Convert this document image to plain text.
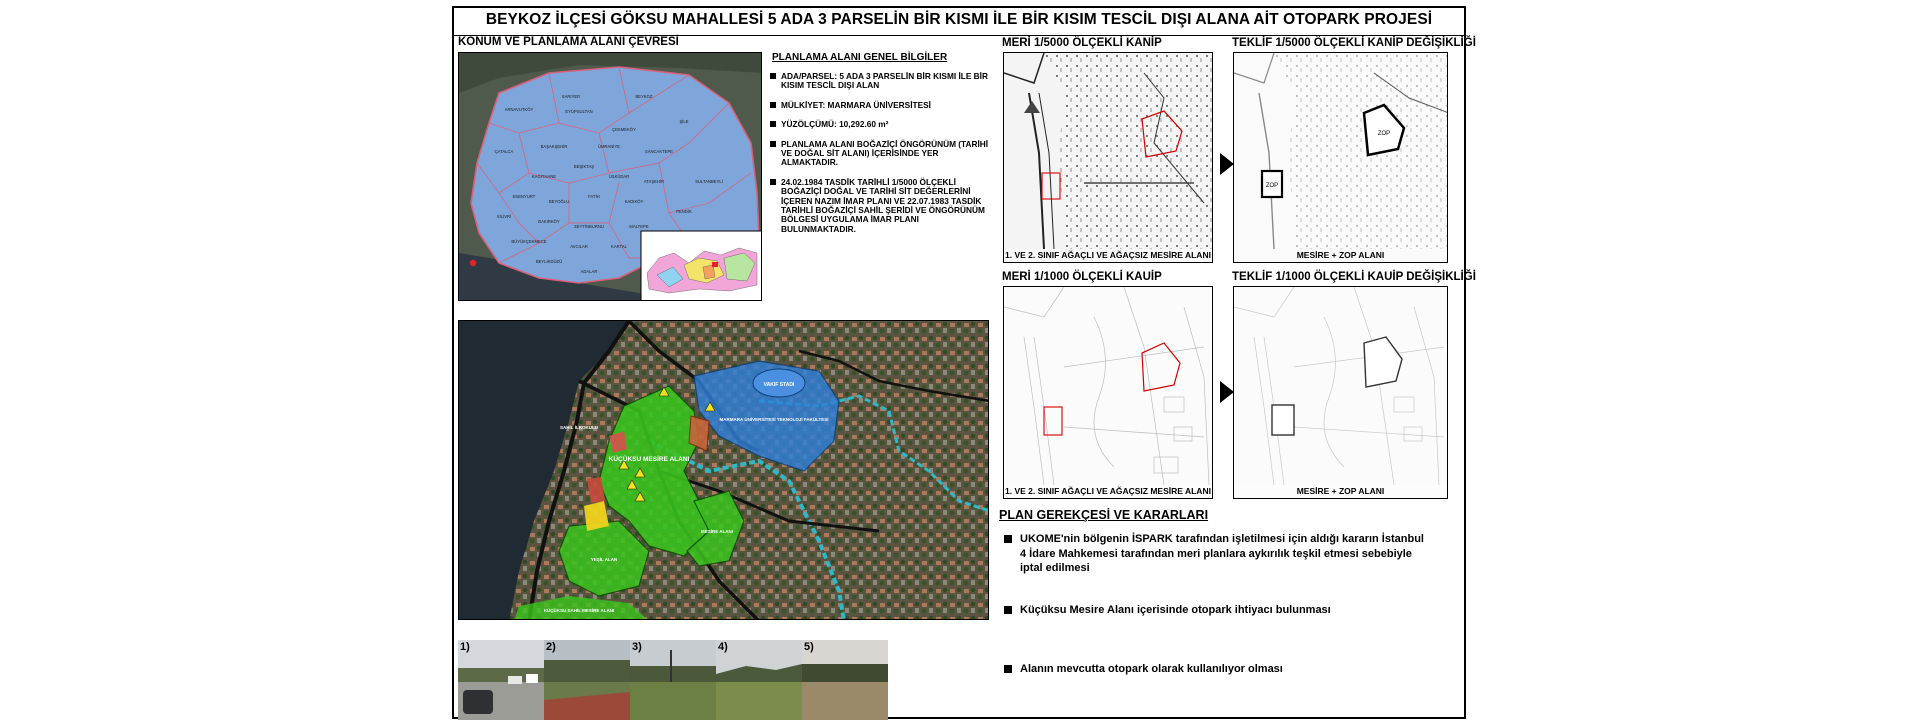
BEYKOZ İLÇESİ GÖKSU MAHALLESİ 5 ADA 3 PARSELİN BİR KISMI İLE BİR KISIM TESCİL DIŞI ALANA AİT OTOPARK PROJESİ
KONUM VE PLANLAMA ALANI ÇEVRESİ
SARIYER	BEYKOZ
ARNAVUTKÖY	EYÜPSULTAN
ŞİLE
ÇEKMEKÖY
SANCAKTEPE
ÜMRANİYE
BAŞAKŞEHİR
ÇATALCA
KAĞITHANE
BEŞİKTAŞ
ÜSKÜDAR
ATAŞEHİR	SULTANBEYLİ
ESENYURT
BEYOĞLU
FATİH
KADIKÖY
PENDİK
SİLİVRİ
BAKIRKÖY
ZEYTİNBURNU	MALTEPE
BÜYÜKÇEKMECE
AVCILAR	KARTAL
BEYLİKDÜZÜ
ADALAR
PLANLAMA ALANI GENEL BİLGİLER
ADA/PARSEL: 5 ADA 3 PARSELİN BİR KISMI İLE BİR KISIM TESCİL DIŞI ALAN
MÜLKİYET: MARMARA ÜNİVERSİTESİ
YÜZÖLÇÜMÜ: 10,292.60 m²
PLANLAMA ALANI BOĞAZİÇİ ÖNGÖRÜNÜM (TARİHİ VE DOĞAL SİT ALANI) İÇERİSİNDE YER ALMAKTADIR.
24.02.1984 TASDİK TARİHLİ 1/5000 ÖLÇEKLİ BOĞAZİÇİ DOĞAL VE TARİHİ SİT DEĞERLERİNİ İÇEREN NAZIM İMAR PLANI VE 22.07.1983 TASDİK TARİHLİ BOĞAZİÇİ SAHİL ŞERİDİ VE ÖNGÖRÜNÜM BÖLGESİ UYGULAMA İMAR PLANI BULUNMAKTADIR.
KÜÇÜKSU MESİRE ALANI
VAKIF STADI
MARMARA ÜNİVERSİTESİ TEKNOLOJİ FAKÜLTESİ
SAHİL İLKOKULU
YEŞİL ALAN
MESİRE ALANI
KÜÇÜKSU SAHİL MESİRE ALANI
1)	2)	3)	4)	5)
MERİ 1/5000 ÖLÇEKLİ KANİP
1. VE 2. SINIF AĞAÇLI VE AĞAÇSIZ MESİRE ALANI
TEKLİF 1/5000 ÖLÇEKLİ KANİP DEĞİŞİKLİĞİ
ZOP
ZOP
MESİRE + ZOP ALANI
MERİ 1/1000 ÖLÇEKLİ KAUİP
1. VE 2. SINIF AĞAÇLI VE AĞAÇSIZ MESİRE ALANI
TEKLİF 1/1000 ÖLÇEKLİ KAUİP DEĞİŞİKLİĞİ
MESİRE + ZOP ALANI
PLAN GEREKÇESİ VE KARARLARI
UKOME'nin bölgenin İSPARK tarafından işletilmesi için aldığı kararın İstanbul 4 İdare Mahkemesi tarafından meri planlara aykırılık teşkil etmesi sebebiyle iptal edilmesi
Küçüksu Mesire Alanı içerisinde otopark ihtiyacı bulunması
Alanın mevcutta otopark olarak kullanılıyor olması
